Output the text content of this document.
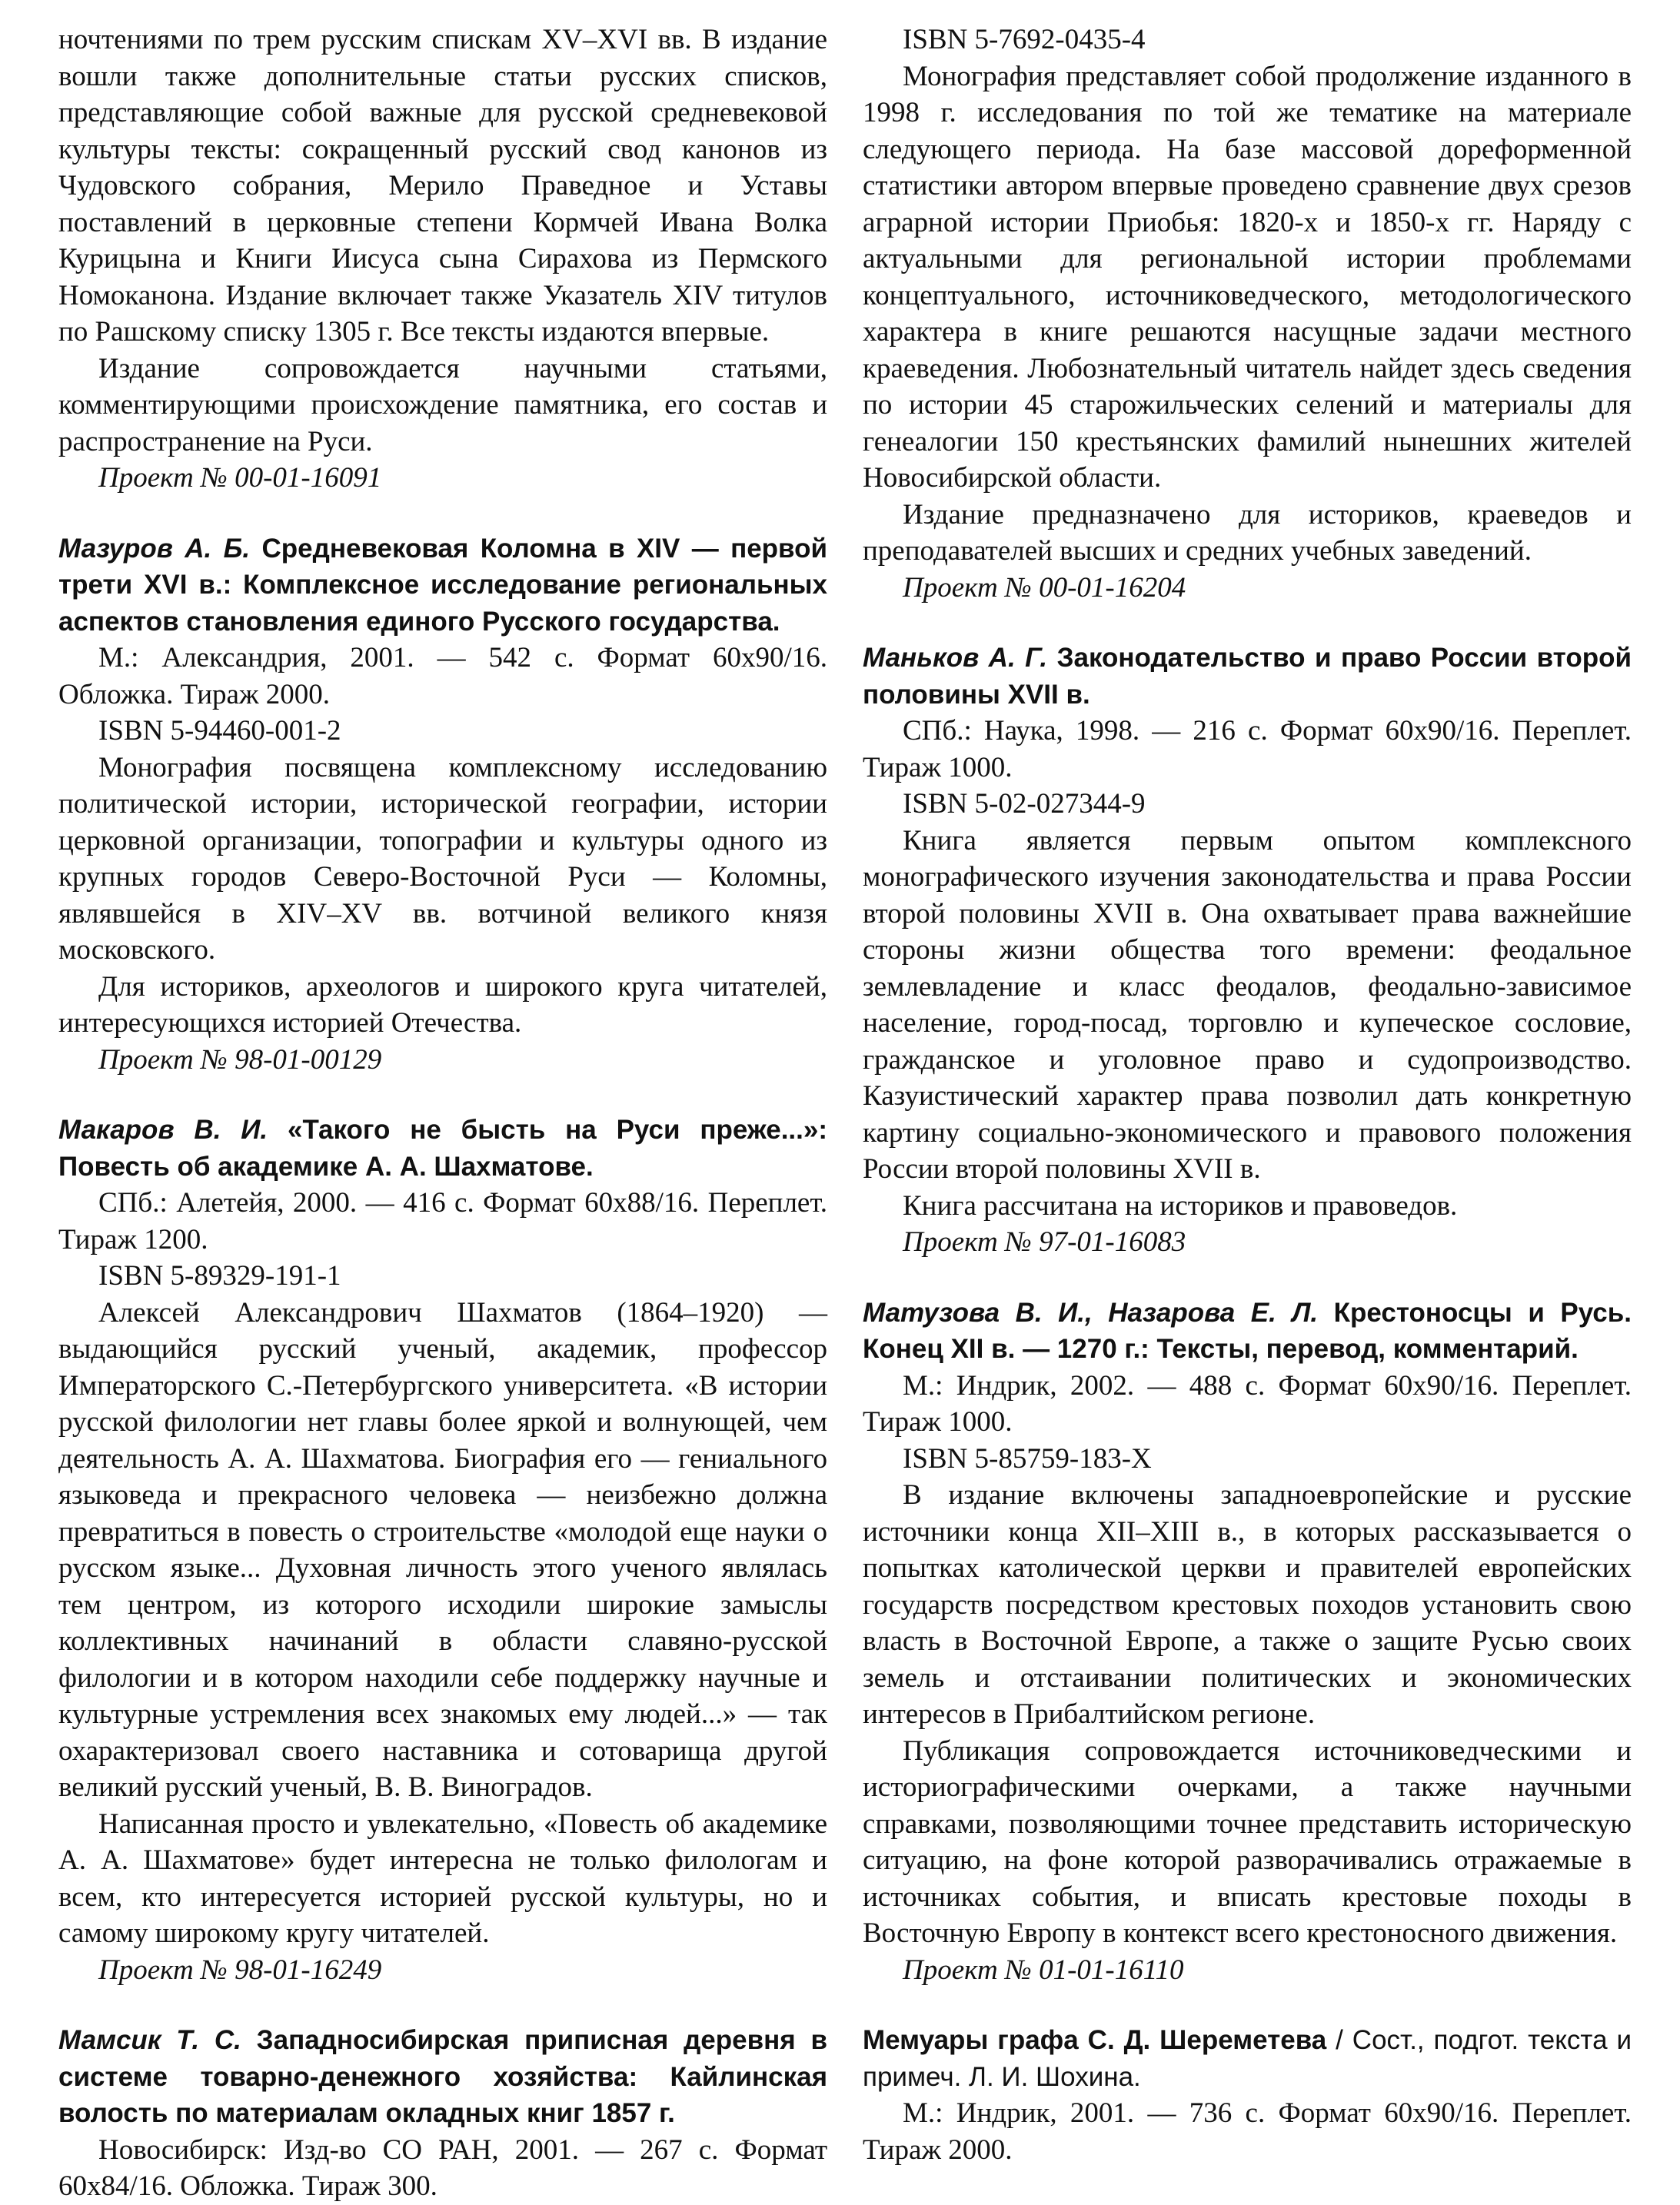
ночтениями по трем русским спискам XV–XVI вв. В издание вошли также дополнительные статьи русских списков, представляющие собой важные для русской средневековой культуры тексты: сокращенный русский свод канонов из Чудовского собрания, Мерило Праведное и Уставы поставлений в церковные степени Кормчей Ивана Волка Курицына и Книги Иисуса сына Сирахова из Пермского Номоканона. Издание включает также Указатель XIV титулов по Рашскому списку 1305 г. Все тексты издаются впервые.

Издание сопровождается научными статьями, комментирующими происхождение памятника, его состав и распространение на Руси.

Проект № 00-01-16091

Мазуров А. Б. Средневековая Коломна в XIV — первой трети XVI в.: Комплексное исследование региональных аспектов становления единого Русского государства.

М.: Александрия, 2001. — 542 с. Формат 60х90/16. Обложка. Тираж 2000.

ISBN 5-94460-001-2

Монография посвящена комплексному исследованию политической истории, исторической географии, истории церковной организации, топографии и культуры одного из крупных городов Северо-Восточной Руси — Коломны, являвшейся в XIV–XV вв. вотчиной великого князя московского.

Для историков, археологов и широкого круга читателей, интересующихся историей Отечества.

Проект № 98-01-00129

Макаров В. И. «Такого не бысть на Руси преже...»: Повесть об академике А. А. Шахматове.

СПб.: Алетейя, 2000. — 416 с. Формат 60х88/16. Переплет. Тираж 1200.

ISBN 5-89329-191-1

Алексей Александрович Шахматов (1864–1920) — выдающийся русский ученый, академик, профессор Императорского С.-Петербургского университета. «В истории русской филологии нет главы более яркой и волнующей, чем деятельность А. А. Шахматова. Биография его — гениального языковеда и прекрасного человека — неизбежно должна превратиться в повесть о строительстве «молодой еще науки о русском языке... Духовная личность этого ученого являлась тем центром, из которого исходили широкие замыслы коллективных начинаний в области славяно-русской филологии и в котором находили себе поддержку научные и культурные устремления всех знакомых ему людей...» — так охарактеризовал своего наставника и сотоварища другой великий русский ученый, В. В. Виноградов.

Написанная просто и увлекательно, «Повесть об академике А. А. Шахматове» будет интересна не только филологам и всем, кто интересуется историей русской культуры, но и самому широкому кругу читателей.

Проект № 98-01-16249

Мамсик Т. С. Западносибирская приписная деревня в системе товарно-денежного хозяйства: Кайлинская волость по материалам окладных книг 1857 г.

Новосибирск: Изд-во СО РАН, 2001. — 267 с. Формат 60х84/16. Обложка. Тираж 300.

ISBN 5-7692-0435-4

Монография представляет собой продолжение изданного в 1998 г. исследования по той же тематике на материале следующего периода. На базе массовой дореформенной статистики автором впервые проведено сравнение двух срезов аграрной истории Приобья: 1820-х и 1850-х гг. Наряду с актуальными для региональной истории проблемами концептуального, источниковедческого, методологического характера в книге решаются насущные задачи местного краеведения. Любознательный читатель найдет здесь сведения по истории 45 старожильческих селений и материалы для генеалогии 150 крестьянских фамилий нынешних жителей Новосибирской области.

Издание предназначено для историков, краеведов и преподавателей высших и средних учебных заведений.

Проект № 00-01-16204

Маньков А. Г. Законодательство и право России второй половины XVII в.

СПб.: Наука, 1998. — 216 с. Формат 60х90/16. Переплет. Тираж 1000.

ISBN 5-02-027344-9

Книга является первым опытом комплексного монографического изучения законодательства и права России второй половины XVII в. Она охватывает права важнейшие стороны жизни общества того времени: феодальное землевладение и класс феодалов, феодально-зависимое население, город-посад, торговлю и купеческое сословие, гражданское и уголовное право и судопроизводство. Казуистический характер права позволил дать конкретную картину социально-экономического и правового положения России второй половины XVII в.

Книга рассчитана на историков и правоведов.

Проект № 97-01-16083

Матузова В. И., Назарова Е. Л. Крестоносцы и Русь. Конец XII в. — 1270 г.: Тексты, перевод, комментарий.

М.: Индрик, 2002. — 488 с. Формат 60х90/16. Переплет. Тираж 1000.

ISBN 5-85759-183-X

В издание включены западноевропейские и русские источники конца XII–XIII в., в которых рассказывается о попытках католической церкви и правителей европейских государств посредством крестовых походов установить свою власть в Восточной Европе, а также о защите Русью своих земель и отстаивании политических и экономических интересов в Прибалтийском регионе.

Публикация сопровождается источниковедческими и историографическими очерками, а также научными справками, позволяющими точнее представить историческую ситуацию, на фоне которой разворачивались отражаемые в источниках события, и вписать крестовые походы в Восточную Европу в контекст всего крестоносного движения.

Проект № 01-01-16110

Мемуары графа С. Д. Шереметева / Сост., подгот. текста и примеч. Л. И. Шохина.

М.: Индрик, 2001. — 736 с. Формат 60х90/16. Переплет. Тираж 2000.
